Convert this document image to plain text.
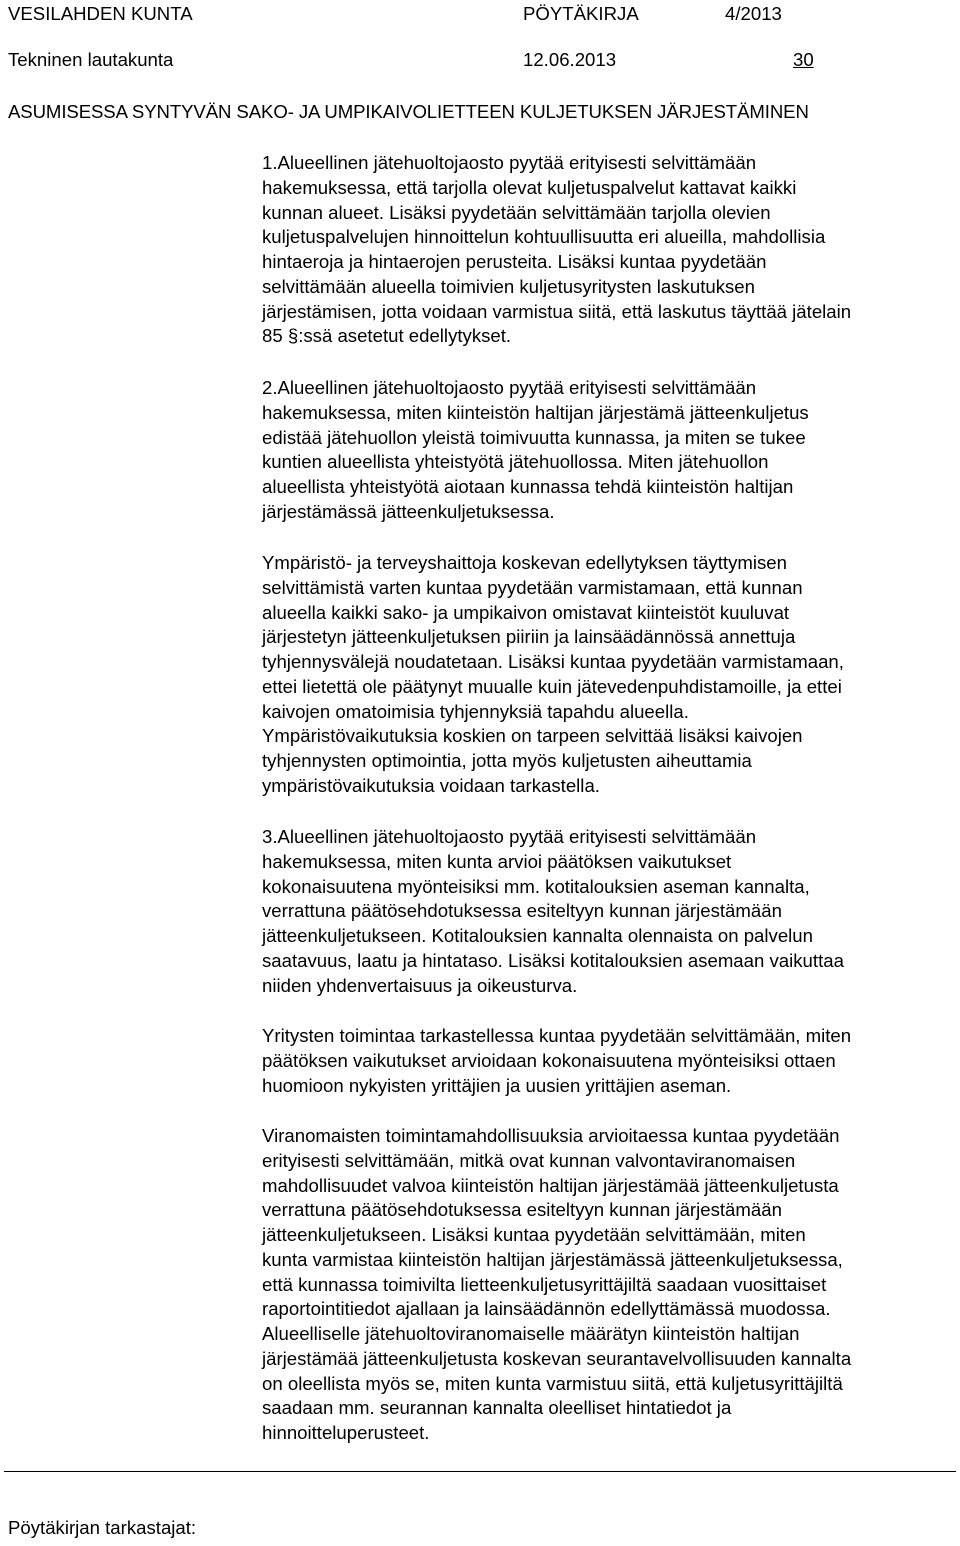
VESILAHDEN KUNTA	PÖYTÄKIRJA	4/2013
Tekninen lautakunta	12.06.2013	30
ASUMISESSA SYNTYVÄN SAKO- JA UMPIKAIVOLIETTEEN KULJETUKSEN JÄRJESTÄMINEN

1.Alueellinen jätehuoltojaosto pyytää erityisesti selvittämään
hakemuksessa, että tarjolla olevat kuljetuspalvelut kattavat kaikki
kunnan alueet. Lisäksi pyydetään selvittämään tarjolla olevien
kuljetuspalvelujen hinnoittelun kohtuullisuutta eri alueilla, mahdollisia
hintaeroja ja hintaerojen perusteita. Lisäksi kuntaa pyydetään
selvittämään alueella toimivien kuljetusyritysten laskutuksen
järjestämisen, jotta voidaan varmistua siitä, että laskutus täyttää jätelain
85 §:ssä asetetut edellytykset.

2.Alueellinen jätehuoltojaosto pyytää erityisesti selvittämään
hakemuksessa, miten kiinteistön haltijan järjestämä jätteenkuljetus
edistää jätehuollon yleistä toimivuutta kunnassa, ja miten se tukee
kuntien alueellista yhteistyötä jätehuollossa. Miten jätehuollon
alueellista yhteistyötä aiotaan kunnassa tehdä kiinteistön haltijan
järjestämässä jätteenkuljetuksessa.

Ympäristö- ja terveyshaittoja koskevan edellytyksen täyttymisen
selvittämistä varten kuntaa pyydetään varmistamaan, että kunnan
alueella kaikki sako- ja umpikaivon omistavat kiinteistöt kuuluvat
järjestetyn jätteenkuljetuksen piiriin ja lainsäädännössä annettuja
tyhjennysvälejä noudatetaan. Lisäksi kuntaa pyydetään varmistamaan,
ettei lietettä ole päätynyt muualle kuin jätevedenpuhdistamoille, ja ettei
kaivojen omatoimisia tyhjennyksiä tapahdu alueella.
Ympäristövaikutuksia koskien on tarpeen selvittää lisäksi kaivojen
tyhjennysten optimointia, jotta myös kuljetusten aiheuttamia
ympäristövaikutuksia voidaan tarkastella.

3.Alueellinen jätehuoltojaosto pyytää erityisesti selvittämään
hakemuksessa, miten kunta arvioi päätöksen vaikutukset
kokonaisuutena myönteisiksi mm. kotitalouksien aseman kannalta,
verrattuna päätösehdotuksessa esiteltyyn kunnan järjestämään
jätteenkuljetukseen. Kotitalouksien kannalta olennaista on palvelun
saatavuus, laatu ja hintataso. Lisäksi kotitalouksien asemaan vaikuttaa
niiden yhdenvertaisuus ja oikeusturva.

Yritysten toimintaa tarkastellessa kuntaa pyydetään selvittämään, miten
päätöksen vaikutukset arvioidaan kokonaisuutena myönteisiksi ottaen
huomioon nykyisten yrittäjien ja uusien yrittäjien aseman.

Viranomaisten toimintamahdollisuuksia arvioitaessa kuntaa pyydetään
erityisesti selvittämään, mitkä ovat kunnan valvontaviranomaisen
mahdollisuudet valvoa kiinteistön haltijan järjestämää jätteenkuljetusta
verrattuna päätösehdotuksessa esiteltyyn kunnan järjestämään
jätteenkuljetukseen. Lisäksi kuntaa pyydetään selvittämään, miten
kunta varmistaa kiinteistön haltijan järjestämässä jätteenkuljetuksessa,
että kunnassa toimivilta lietteenkuljetusyrittäjiltä saadaan vuosittaiset
raportointitiedot ajallaan ja lainsäädännön edellyttämässä muodossa.
Alueelliselle jätehuoltoviranomaiselle määrätyn kiinteistön haltijan
järjestämää jätteenkuljetusta koskevan seurantavelvollisuuden kannalta
on oleellista myös se, miten kunta varmistuu siitä, että kuljetusyrittäjiltä
saadaan mm. seurannan kannalta oleelliset hintatiedot ja
hinnoitteluperusteet.

Pöytäkirjan tarkastajat:
